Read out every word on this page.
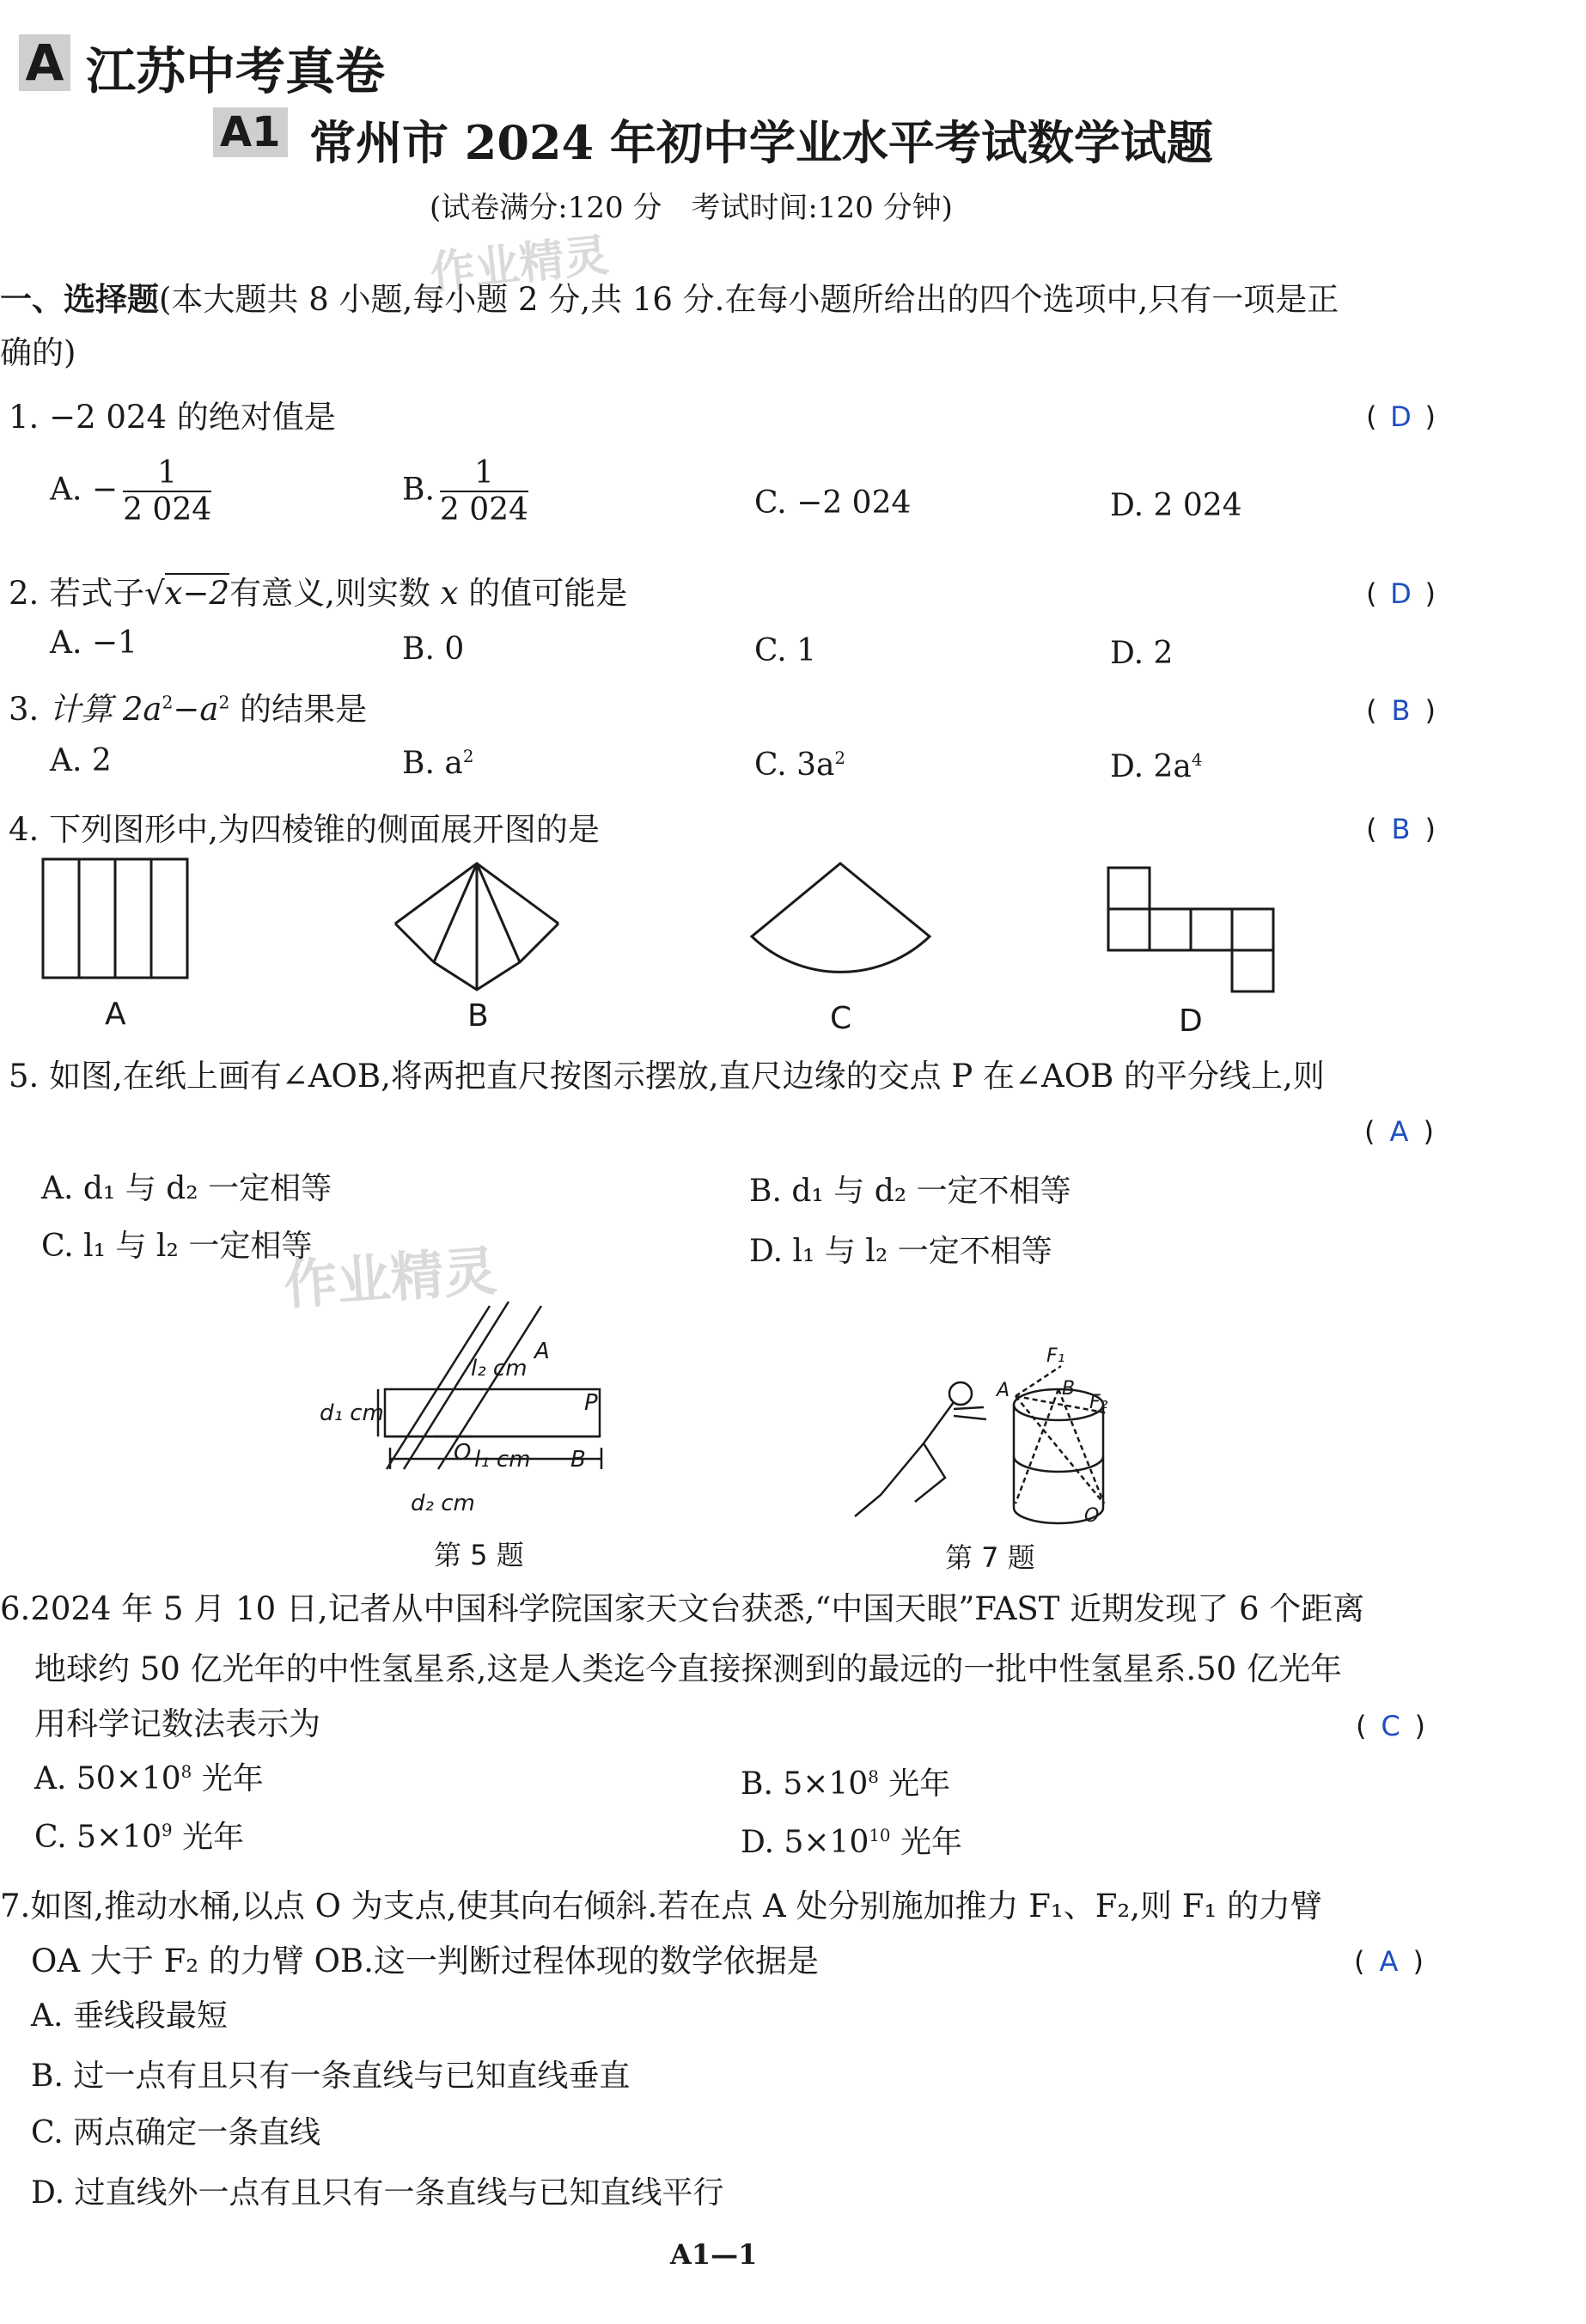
A 江苏中考真卷
A1 常州市 2024 年初中学业水平考试数学试题
(试卷满分:120 分　考试时间:120 分钟)
作业精灵
一、选择题(本大题共 8 小题,每小题 2 分,共 16 分.在每小题所给出的四个选项中,只有一项是正
确的)
1. −2 024 的绝对值是	( D )
A. − $\frac{1}{2 024}$	B. $\frac{1}{2 024}$	C. −2 024	D. 2 024
2. 若式子√x−2有意义,则实数 x 的值可能是	( D )
A. −1	B. 0	C. 1	D. 2
3. 计算 $2a^2-a^2$ 的结果是	( B )
A. 2	B. $a^2$	C. $3a^2$	D. $2a^4$
4. 下列图形中,为四棱锥的侧面展开图的是	( B )
A	B	C	D
5. 如图,在纸上画有∠AOB,将两把直尺按图示摆放,直尺边缘的交点 P 在∠AOB 的平分线上,则
( A )
A. d₁ 与 d₂ 一定相等	B. d₁ 与 d₂ 一定不相等
C. l₁ 与 l₂ 一定相等	D. l₁ 与 l₂ 一定不相等
作业精灵
l₂ cm
A
d₁ cm	P
O l₁ cm B
d₂ cm
第 5 题
F₁
A	B
F₂
O
第 7 题
6.2024 年 5 月 10 日,记者从中国科学院国家天文台获悉,“中国天眼”FAST 近期发现了 6 个距离
地球约 50 亿光年的中性氢星系,这是人类迄今直接探测到的最远的一批中性氢星系.50 亿光年
用科学记数法表示为	( C )
A. $50\times 10^8$ 光年	B. $5\times 10^8$ 光年
C. $5\times 10^9$ 光年	D. $5\times 10^{10}$ 光年
7.如图,推动水桶,以点 O 为支点,使其向右倾斜.若在点 A 处分别施加推力 F₁、F₂,则 F₁ 的力臂
OA 大于 F₂ 的力臂 OB.这一判断过程体现的数学依据是	( A )
A. 垂线段最短
B. 过一点有且只有一条直线与已知直线垂直
C. 两点确定一条直线
D. 过直线外一点有且只有一条直线与已知直线平行
A1—1
